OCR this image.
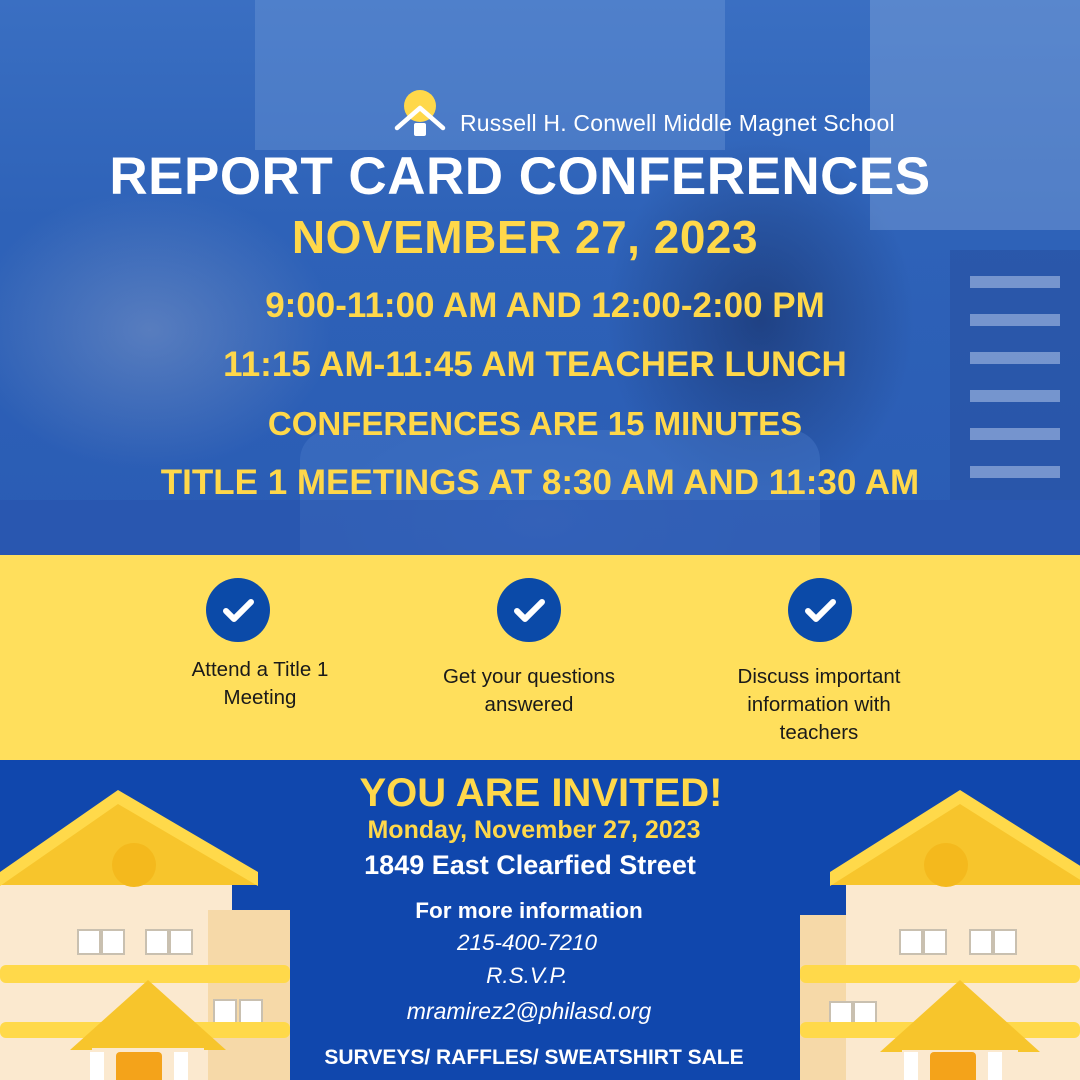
Russell H. Conwell Middle Magnet School
REPORT CARD CONFERENCES
NOVEMBER 27, 2023
9:00-11:00 AM AND 12:00-2:00 PM
11:15 AM-11:45 AM TEACHER LUNCH
CONFERENCES ARE 15 MINUTES
TITLE 1 MEETINGS AT 8:30 AM AND 11:30 AM
Attend a Title 1
Meeting
Get your questions
answered
Discuss important
information with
teachers
YOU ARE INVITED!
Monday, November 27, 2023
1849 East Clearfied Street
For more information
215-400-7210
R.S.V.P.
mramirez2@philasd.org
SURVEYS/ RAFFLES/ SWEATSHIRT SALE
